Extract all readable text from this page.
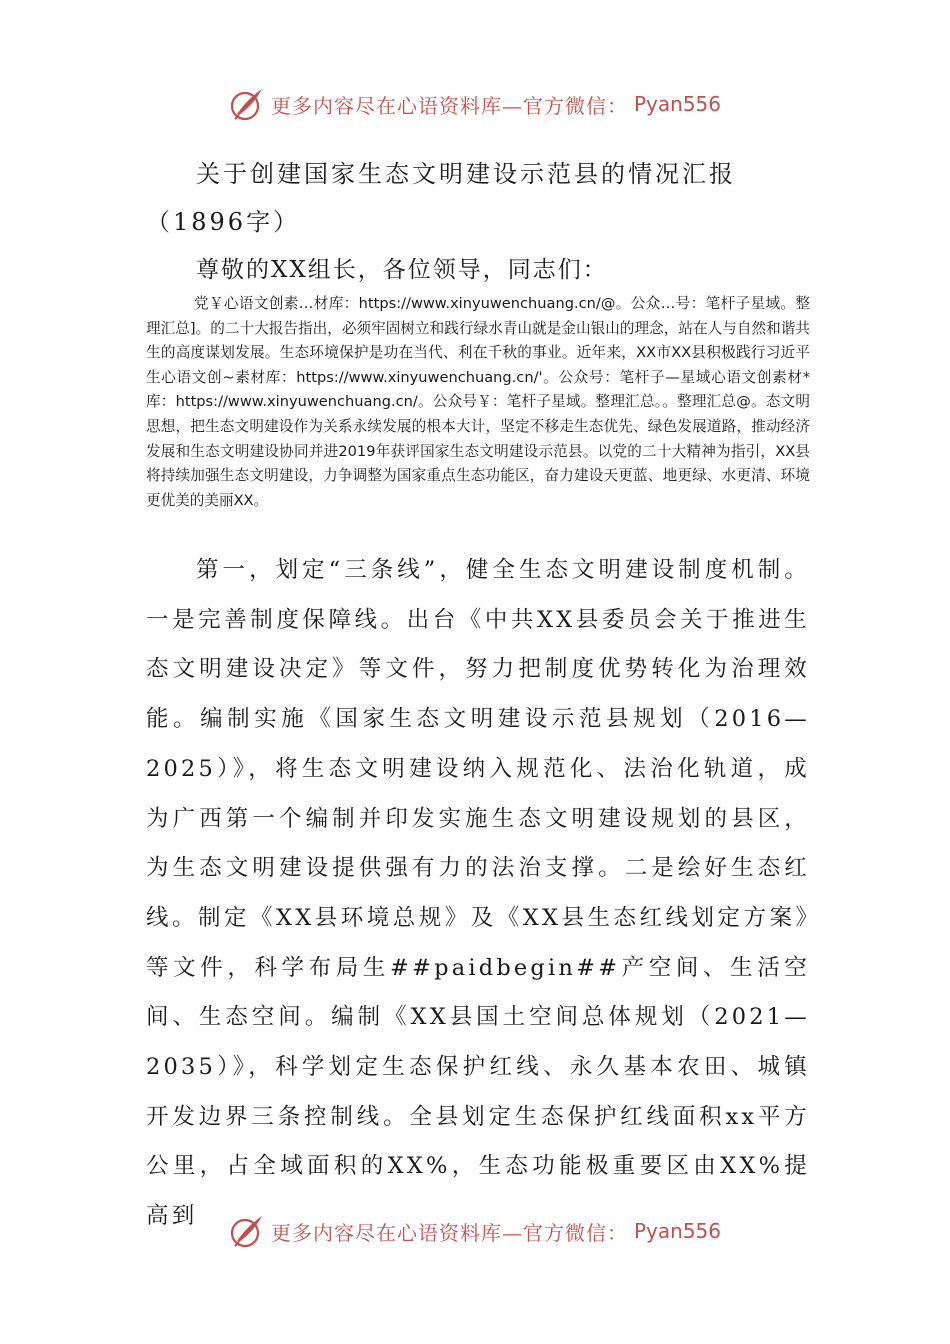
更多内容尽在心语资料库—官方微信： Pyan556
关于创建国家生态文明建设示范县的情况汇报（1896字）
尊敬的XX组长，各位领导，同志们：
党￥心语文创素…材库：https://www.xinyuwenchuang.cn/@。公众…号：笔杆子星域。整理汇总]。的二十大报告指出，必须牢固树立和践行绿水青山就是金山银山的理念，站在人与自然和谐共生的高度谋划发展。生态环境保护是功在当代、利在千秋的事业。近年来，XX市XX县积极践行习近平生心语文创~素材库：https://www.xinyuwenchuang.cn/'。公众号：笔杆子—星域心语文创素材*库：https://www.xinyuwenchuang.cn/。公众号￥：笔杆子星域。整理汇总。。整理汇总@。态文明思想，把生态文明建设作为关系永续发展的根本大计，坚定不移走生态优先、绿色发展道路，推动经济发展和生态文明建设协同并进2019年获评国家生态文明建设示范县。以党的二十大精神为指引，XX县将持续加强生态文明建设，力争调整为国家重点生态功能区，奋力建设天更蓝、地更绿、水更清、环境更优美的美丽XX。
第一，划定“三条线”，健全生态文明建设制度机制。一是完善制度保障线。出台《中共XX县委员会关于推进生态文明建设决定》等文件，努力把制度优势转化为治理效能。编制实施《国家生态文明建设示范县规划（2016—2025）》，将生态文明建设纳入规范化、法治化轨道，成为广西第一个编制并印发实施生态文明建设规划的县区，为生态文明建设提供强有力的法治支撑。二是绘好生态红线。制定《XX县环境总规》及《XX县生态红线划定方案》等文件，科学布局生##paidbegin##产空间、生活空间、生态空间。编制《XX县国土空间总体规划（2021—2035）》，科学划定生态保护红线、永久基本农田、城镇开发边界三条控制线。全县划定生态保护红线面积xx平方公里，占全域面积的XX%，生态功能极重要区由XX%提高到
更多内容尽在心语资料库—官方微信： Pyan556
